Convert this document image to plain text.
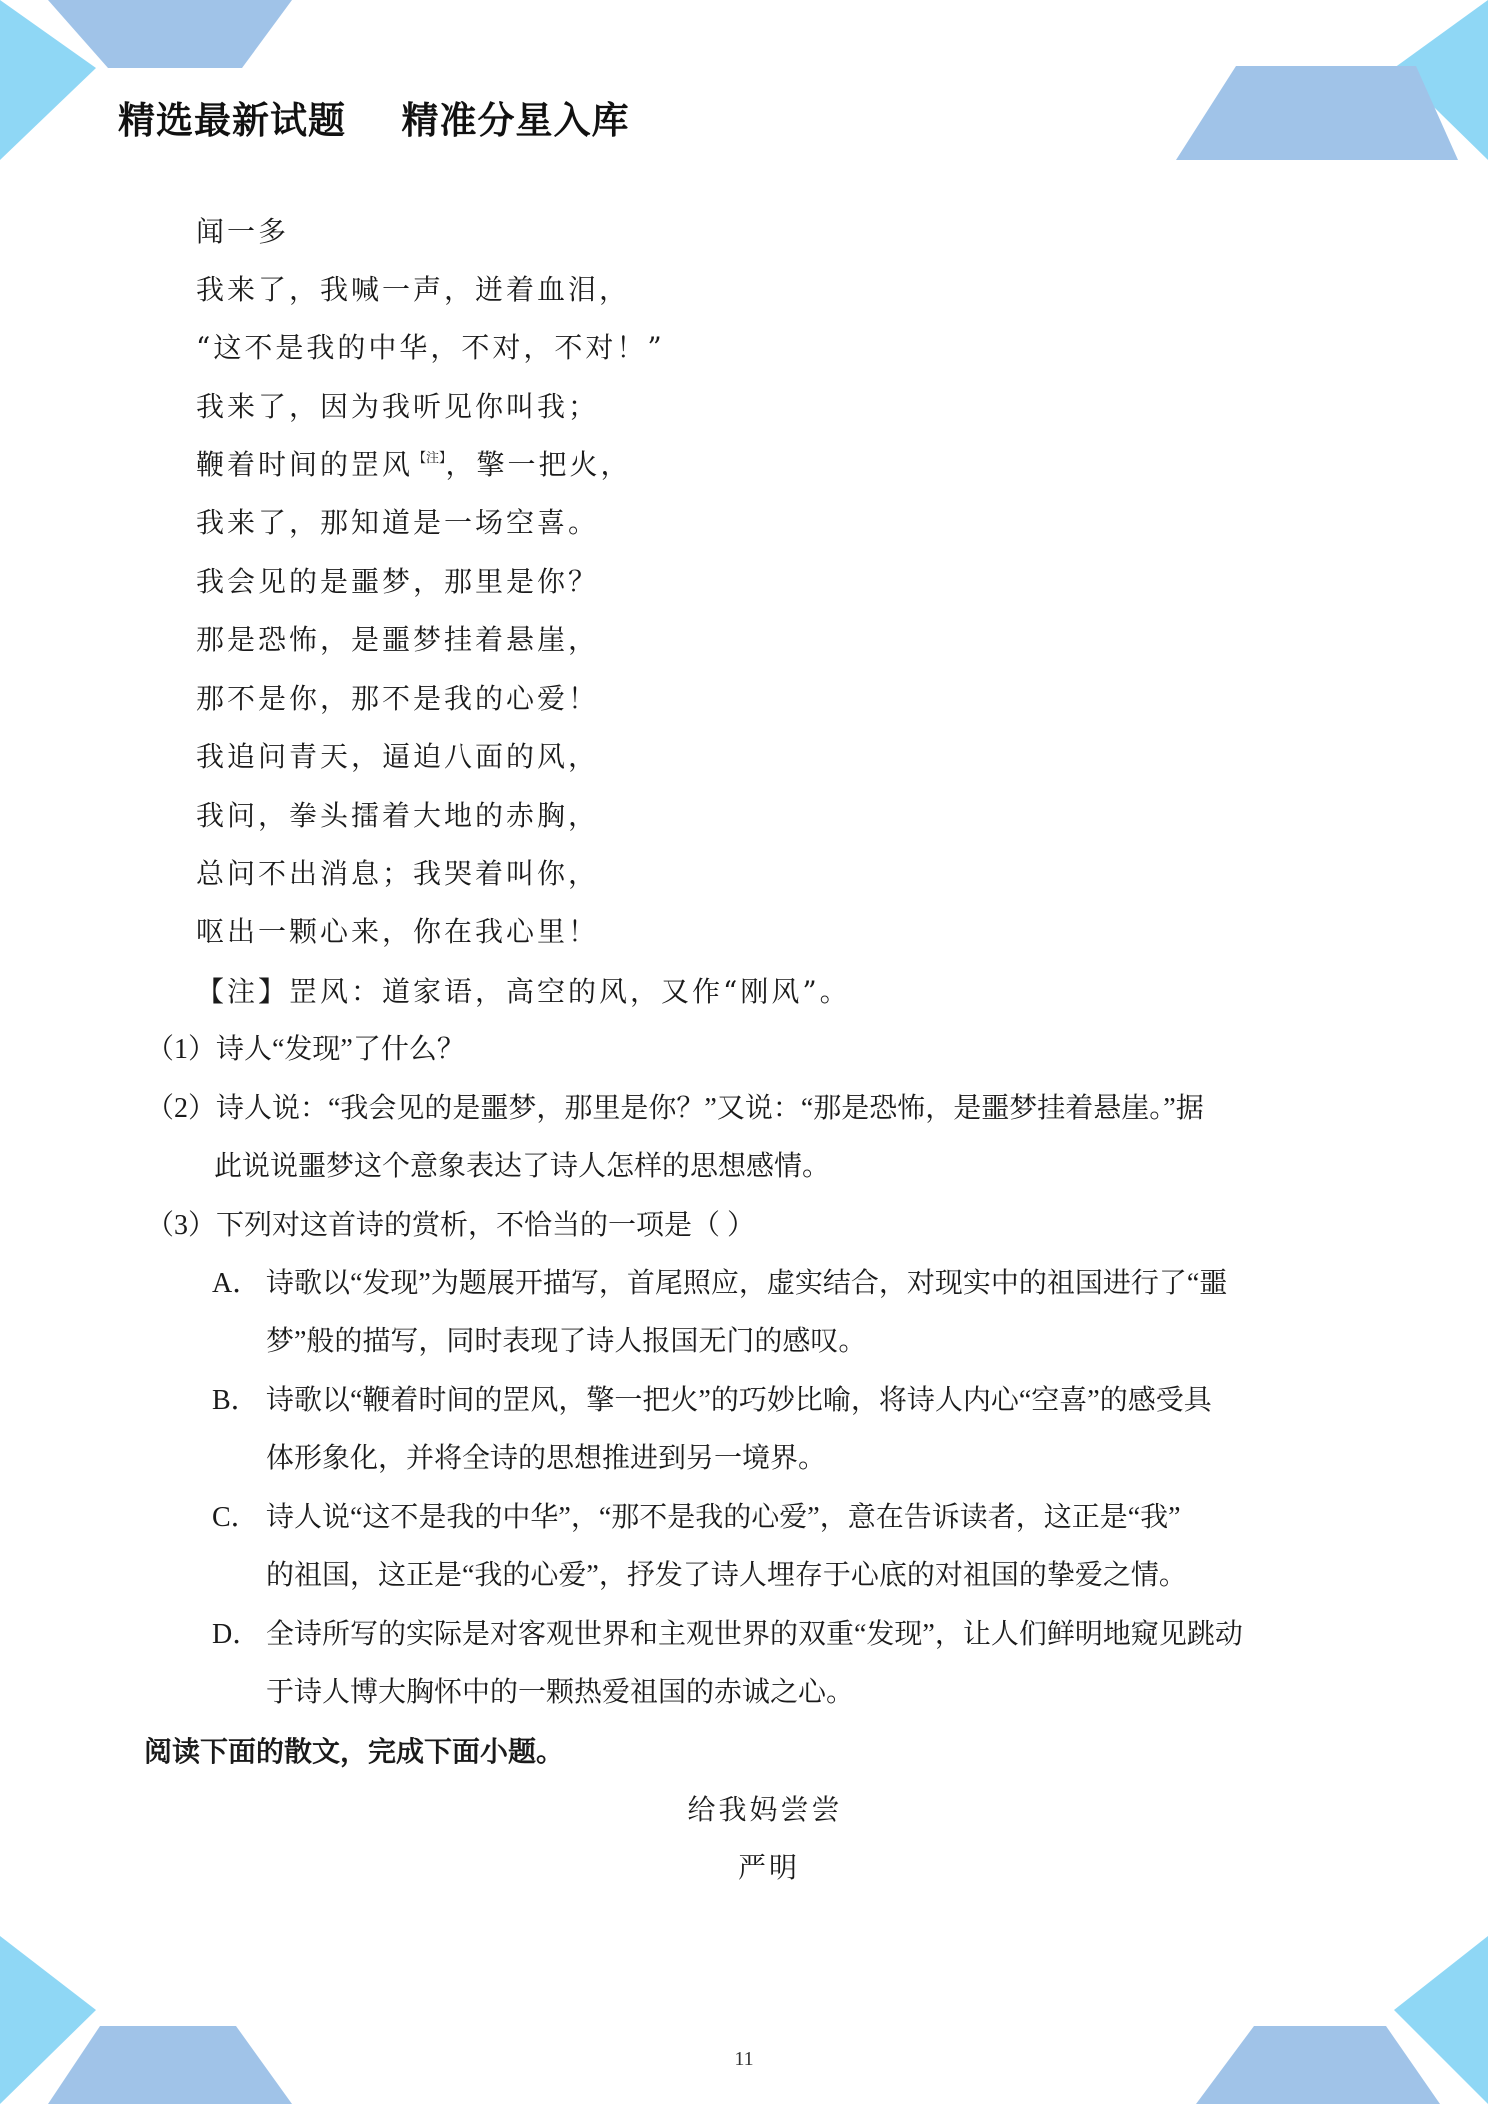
精选最新试题    精准分星入库
闻一多
我来了，我喊一声，迸着血泪，
“这不是我的中华，不对，不对！”
我来了，因为我听见你叫我；
鞭着时间的罡风$^{【注】}$，擎一把火，
我来了，那知道是一场空喜。
我会见的是噩梦，那里是你？
那是恐怖，是噩梦挂着悬崖，
那不是你，那不是我的心爱！
我追问青天，逼迫八面的风，
我问，拳头擂着大地的赤胸，
总问不出消息；我哭着叫你，
呕出一颗心来，你在我心里！
【注】罡风：道家语，高空的风，又作“刚风”。
（1）诗人“发现”了什么？
（2）诗人说：“我会见的是噩梦，那里是你？”又说：“那是恐怖，是噩梦挂着悬崖。”据
此说说噩梦这个意象表达了诗人怎样的思想感情。
（3）下列对这首诗的赏析，不恰当的一项是（ ）
A． 诗歌以“发现”为题展开描写，首尾照应，虚实结合，对现实中的祖国进行了“噩
梦”般的描写，同时表现了诗人报国无门的感叹。
B． 诗歌以“鞭着时间的罡风，擎一把火”的巧妙比喻，将诗人内心“空喜”的感受具
体形象化，并将全诗的思想推进到另一境界。
C． 诗人说“这不是我的中华”，“那不是我的心爱”，意在告诉读者，这正是“我”
的祖国，这正是“我的心爱”，抒发了诗人埋存于心底的对祖国的挚爱之情。
D． 全诗所写的实际是对客观世界和主观世界的双重“发现”，让人们鲜明地窥见跳动
于诗人博大胸怀中的一颗热爱祖国的赤诚之心。
阅读下面的散文，完成下面小题。
给我妈尝尝
严明
11
